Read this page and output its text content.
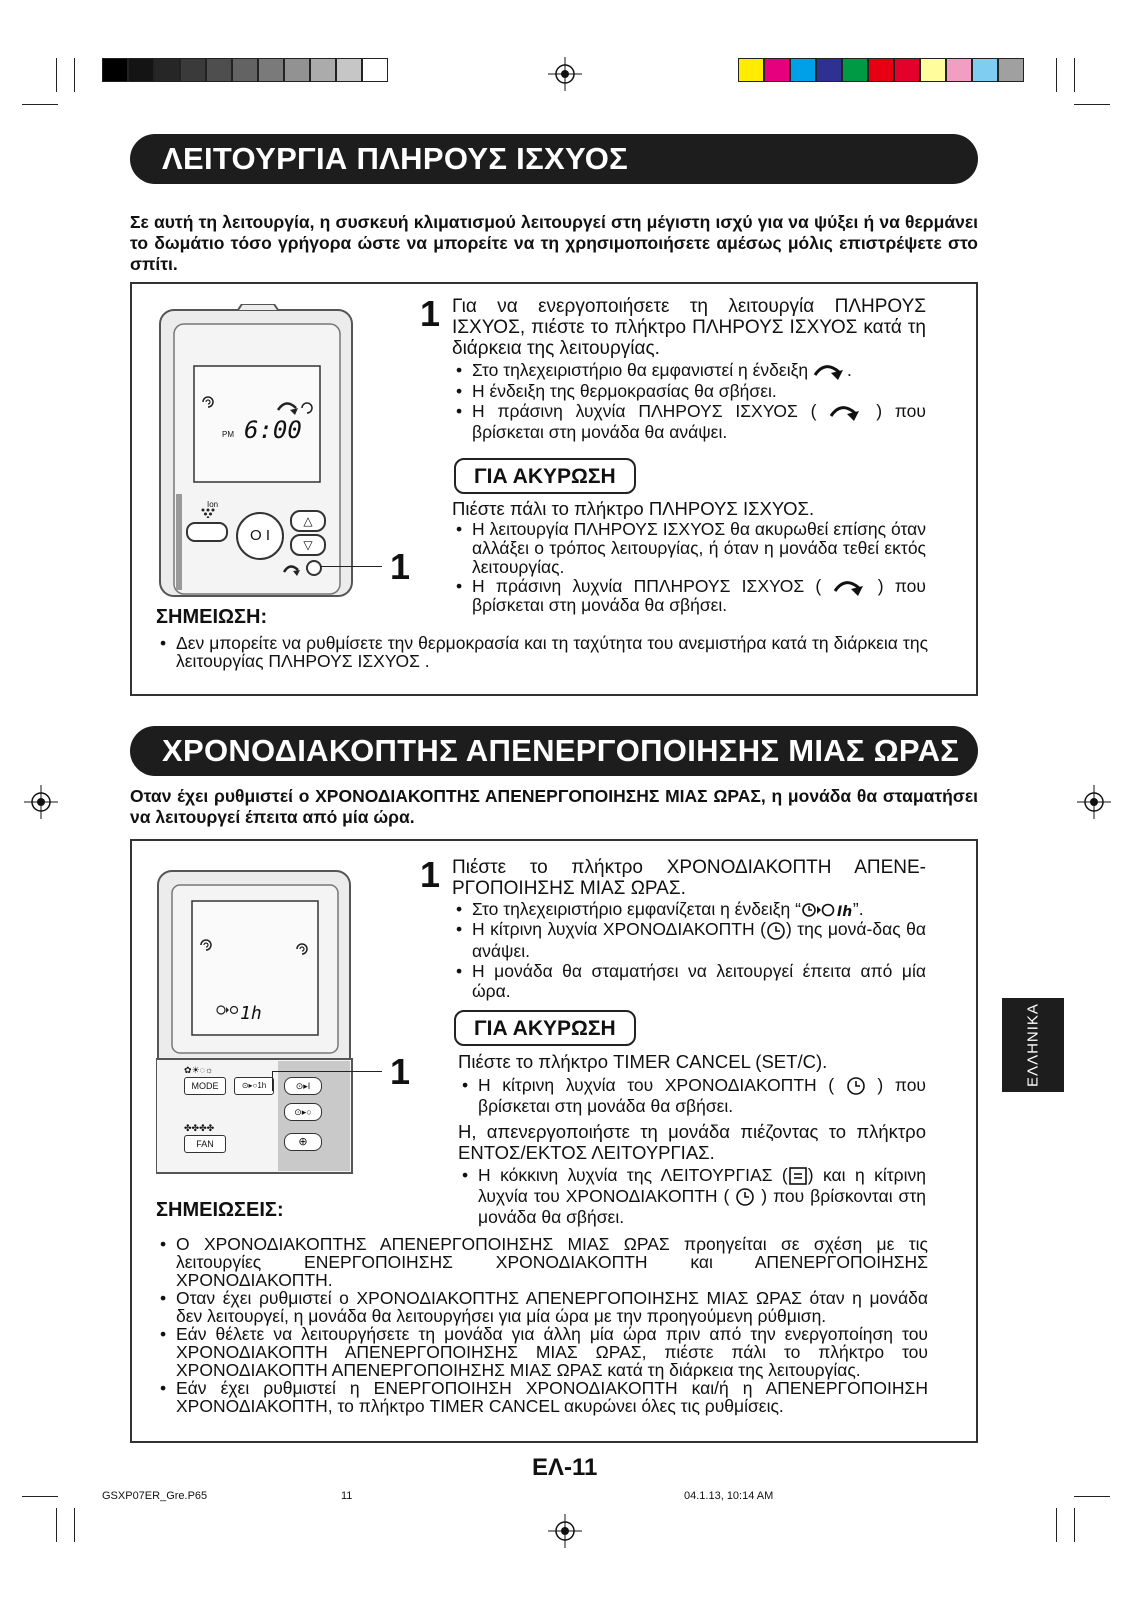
ΛΕΙΤΟΥΡΓΙΑ ΠΛΗΡΟΥΣ ΙΣΧΥΟΣ
Σε αυτή τη λειτουργία, η συσκευή κλιματισμού λειτουργεί στη μέγιστη ισχύ για να ψύξει ή να θερμάνει το δωμάτιο τόσο γρήγορα ώστε να μπορείτε να τη χρησιμοποιήσετε αμέσως μόλις επιστρέψετε στο σπίτι.
PM 6:00
Ion
O I
△
▽
1
1 Για να ενεργοποιήσετε τη λειτουργία ΠΛΗΡΟΥΣ ΙΣΧΥΟΣ, πιέστε το πλήκτρο ΠΛΗΡΟΥΣ ΙΣΧΥΟΣ κατά τη διάρκεια της λειτουργίας.
• Στο τηλεχειριστήριο θα εμφανιστεί η ένδειξη .
• Η ένδειξη της θερμοκρασίας θα σβήσει.
• Η πράσινη λυχνία ΠΛΗΡΟΥΣ ΙΣΧΥΟΣ (  ) που βρίσκεται στη μονάδα θα ανάψει.
ΓΙΑ ΑΚΥΡΩΣΗ
Πιέστε πάλι το πλήκτρο ΠΛΗΡΟΥΣ ΙΣΧΥΟΣ.
• Η λειτουργία ΠΛΗΡΟΥΣ ΙΣΧΥΟΣ θα ακυρωθεί επίσης όταν αλλάξει ο τρόπος λειτουργίας, ή όταν η μονάδα τεθεί εκτός λειτουργίας.
• Η πράσινη λυχνία ΠΠΛΗΡΟΥΣ ΙΣΧΥΟΣ (  ) που βρίσκεται στη μονάδα θα σβήσει.
ΣΗΜΕΙΩΣΗ:
• Δεν μπορείτε να ρυθμίσετε την θερμοκρασία και τη ταχύτητα του ανεμιστήρα κατά τη διάρκεια της λειτουργίας ΠΛΗΡΟΥΣ ΙΣΧΥΟΣ .
ΧΡΟΝΟΔΙΑΚΟΠΤΗΣ ΑΠΕΝΕΡΓΟΠΟΙΗΣΗΣ ΜΙΑΣ ΩΡΑΣ
Οταν έχει ρυθμιστεί ο ΧΡΟΝΟΔΙΑΚΟΠΤΗΣ ΑΠΕΝΕΡΓΟΠΟΙΗΣΗΣ ΜΙΑΣ ΩΡΑΣ, η μονάδα θα σταματήσει να λειτουργεί έπειτα από μία ώρα.
1h
✿☀◌☼
MODE	⊙▸○1h	⊙▸I
⊙▸○
✤✤✤✤
FAN	⊕
1
1 Πιέστε το πλήκτρο ΧΡΟΝΟΔΙΑΚΟΠΤΗ ΑΠΕΝΕ-ΡΓΟΠΟΙΗΣΗΣ ΜΙΑΣ ΩΡΑΣ.
• Στο τηλεχειριστήριο εμφανίζεται η ένδειξη “	Ih ”.
• Η κίτρινη λυχνία ΧΡΟΝΟΔΙΑΚΟΠΤΗ ( ) της μονά-δας θα ανάψει.
• Η μονάδα θα σταματήσει να λειτουργεί έπειτα από μία ώρα.
ΓΙΑ ΑΚΥΡΩΣΗ
Πιέστε το πλήκτρο TIMER CANCEL (SET/C).
• Η κίτρινη λυχνία του ΧΡΟΝΟΔΙΑΚΟΠΤΗ (  ) που βρίσκεται στη μονάδα θα σβήσει.
Η, απενεργοποιήστε τη μονάδα πιέζοντας το πλήκτρο ΕΝΤΟΣ/ΕΚΤΟΣ ΛΕΙΤΟΥΡΓΙΑΣ.
• Η κόκκινη λυχνία της ΛΕΙΤΟΥΡΓΙΑΣ ( ) και η κίτρινη λυχνία του ΧΡΟΝΟΔΙΑΚΟΠΤΗ (  ) που βρίσκονται στη μονάδα θα σβήσει.
ΣΗΜΕΙΩΣΕΙΣ:
• Ο ΧΡΟΝΟΔΙΑΚΟΠΤΗΣ ΑΠΕΝΕΡΓΟΠΟΙΗΣΗΣ ΜΙΑΣ ΩΡΑΣ προηγείται σε σχέση με τις λειτουργίες ΕΝΕΡΓΟΠΟΙΗΣΗΣ ΧΡΟΝΟΔΙΑΚΟΠΤΗ και ΑΠΕΝΕΡΓΟΠΟΙΗΣΗΣ ΧΡΟΝΟΔΙΑΚΟΠΤΗ.
• Οταν έχει ρυθμιστεί ο ΧΡΟΝΟΔΙΑΚΟΠΤΗΣ ΑΠΕΝΕΡΓΟΠΟΙΗΣΗΣ ΜΙΑΣ ΩΡΑΣ όταν η μονάδα δεν λειτουργεί, η μονάδα θα λειτουργήσει για μία ώρα με την προηγούμενη ρύθμιση.
• Εάν θέλετε να λειτουργήσετε τη μονάδα για άλλη μία ώρα πριν από την ενεργοποίηση του ΧΡΟΝΟΔΙΑΚΟΠΤΗ ΑΠΕΝΕΡΓΟΠΟΙΗΣΗΣ ΜΙΑΣ ΩΡΑΣ, πιέστε πάλι το πλήκτρο του ΧΡΟΝΟΔΙΑΚΟΠΤΗ ΑΠΕΝΕΡΓΟΠΟΙΗΣΗΣ ΜΙΑΣ ΩΡΑΣ κατά τη διάρκεια της λειτουργίας.
• Εάν έχει ρυθμιστεί η ΕΝΕΡΓΟΠΟΙΗΣΗ ΧΡΟΝΟΔΙΑΚΟΠΤΗ και/ή η ΑΠΕΝΕΡΓΟΠΟΙΗΣΗ ΧΡΟΝΟΔΙΑΚΟΠΤΗ, το πλήκτρο TIMER CANCEL ακυρώνει όλες τις ρυθμίσεις.
ΕΛΛΗΝΙΚΑ
ΕΛ-11
GSXP07ER_Gre.P65	11	04.1.13, 10:14 AM
